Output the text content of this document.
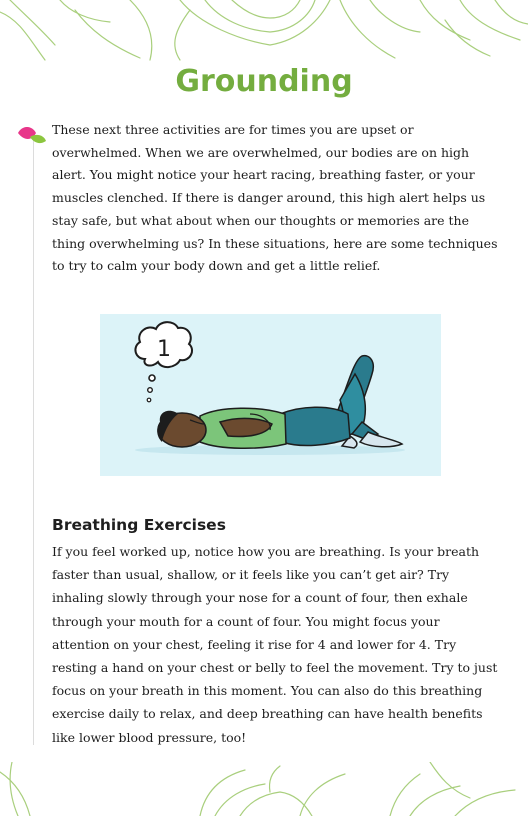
Grounding

These next three activities are for times you are upset or overwhelmed. When we are overwhelmed, our bodies are on high alert. You might notice your heart racing, breathing faster, or your muscles clenched. If there is danger around, this high alert helps us stay safe, but what about when our thoughts or memories are the thing overwhelming us? In these situations, here are some techniques to try to calm your body down and get a little relief.

1
Breathing Exercises

If you feel worked up, notice how you are breathing. Is your breath faster than usual, shallow, or it feels like you can’t get air? Try inhaling slowly through your nose for a count of four, then exhale through your mouth for a count of four. You might focus your attention on your chest, feeling it rise for 4 and lower for 4. Try resting a hand on your chest or belly to feel the movement. Try to just focus on your breath in this moment. You can also do this breathing exercise daily to relax, and deep breathing can have health benefits like lower blood pressure, too!
